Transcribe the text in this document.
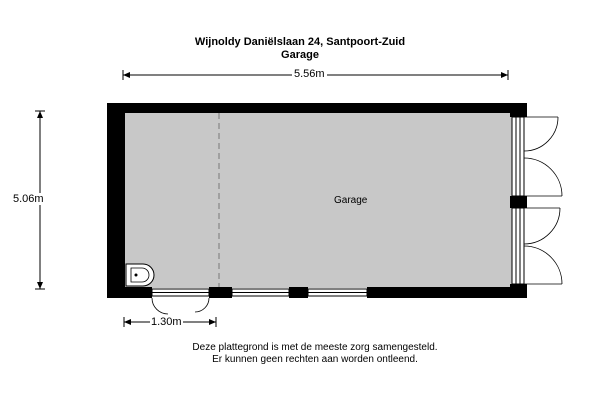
Wijnoldy Daniëlslaan 24, Santpoort-Zuid
Garage
5.56m
5.06m
1.30m
Garage
Deze plattegrond is met de meeste zorg samengesteld.
Er kunnen geen rechten aan worden ontleend.
